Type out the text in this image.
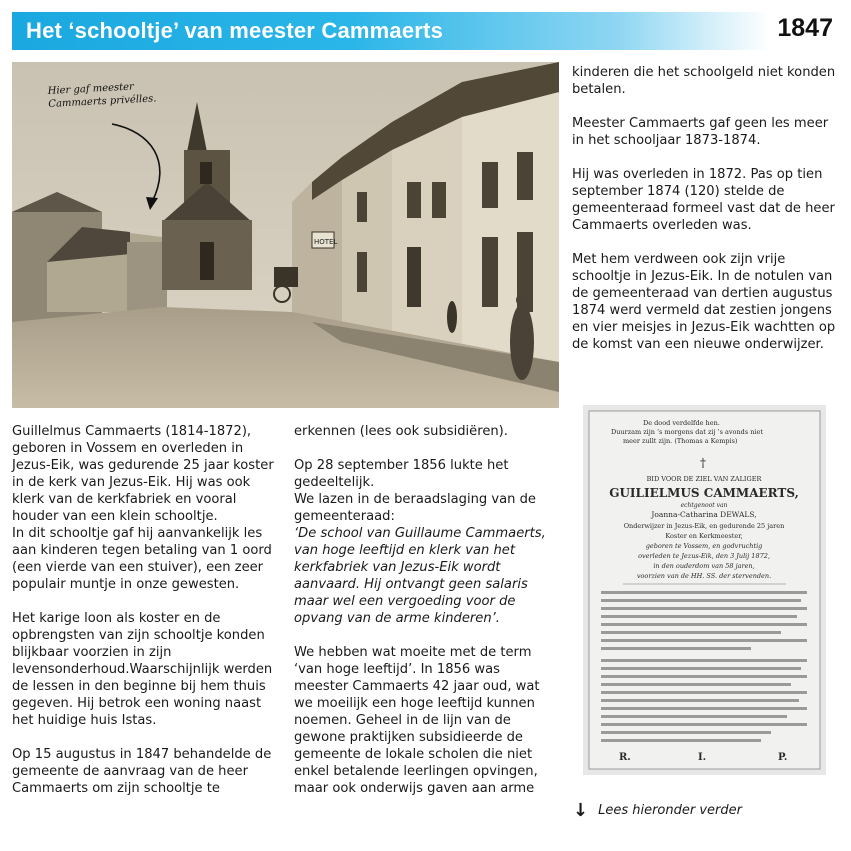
Het ‘schooltje’ van meester Cammaerts	1847
HOTEL
Hier gaf meester Cammaerts privélles.

kinderen die het schoolgeld niet konden betalen.

Meester Cammaerts gaf geen les meer in het schooljaar 1873-1874.

Hij was overleden in 1872. Pas op tien september 1874 (120) stelde de gemeenteraad formeel vast dat de heer Cammaerts overleden was.

Met hem verdween ook zijn vrije schooltje in Jezus-Eik. In de notulen van de gemeenteraad van dertien augustus 1874 werd vermeld dat zestien jongens en vier meisjes in Jezus-Eik wachtten op de komst van een nieuwe onderwijzer.

Guillelmus Cammaerts (1814-1872), geboren in Vossem en overleden in Jezus-Eik, was gedurende 25 jaar koster in de kerk van Jezus-Eik. Hij was ook klerk van de kerkfabriek en vooral houder van een klein schooltje.

In dit schooltje gaf hij aanvankelijk les aan kinderen tegen betaling van 1 oord (een vierde van een stuiver), een zeer populair muntje in onze gewesten.

Het karige loon als koster en de opbrengsten van zijn schooltje konden blijkbaar voorzien in zijn levensonderhoud.Waarschijnlijk werden de lessen in den beginne bij hem thuis gegeven. Hij betrok een woning naast het huidige huis Istas.

Op 15 augustus in 1847 behandelde de gemeente de aanvraag van de heer Cammaerts om zijn schooltje te

erkennen (lees ook subsidiëren).

Op 28 september 1856 lukte het gedeeltelijk.

We lazen in de beraadslaging van de gemeenteraad:

‘De school van Guillaume Cammaerts, van hoge leeftijd en klerk van het kerkfabriek van Jezus-Eik wordt aanvaard. Hij ontvangt geen salaris maar wel een vergoeding voor de opvang van de arme kinderen’.

We hebben wat moeite met de term ‘van hoge leeftijd’. In 1856 was meester Cammaerts 42 jaar oud, wat we moeilijk een hoge leeftijd kunnen noemen. Geheel in de lijn van de gewone praktijken subsidieerde de gemeente de lokale scholen die niet enkel betalende leerlingen opvingen, maar ook onderwijs gaven aan arme

De dood verdelfde hen.
Duurzam zijn ’s morgens dat zij ’s avonds niet
meer zullt zijn. (Thomas a Kempis)
†
BID VOOR DE ZIEL VAN ZALIGER
GUILIELMUS CAMMAERTS,
echtgenoot van
Joanna-Catharina DEWALS,
Onderwijzer in Jezus-Eik, en gedurende 25 jaren
Koster en Kerkmeester,
geboren te Vossem, en godvruchtig
overleden te Jezus-Eik, den 3 Julij 1872,
in den ouderdom van 58 jaren,
voorzien van de HH. SS. der stervenden.
R.	I.	P.
↓ Lees hieronder verder
